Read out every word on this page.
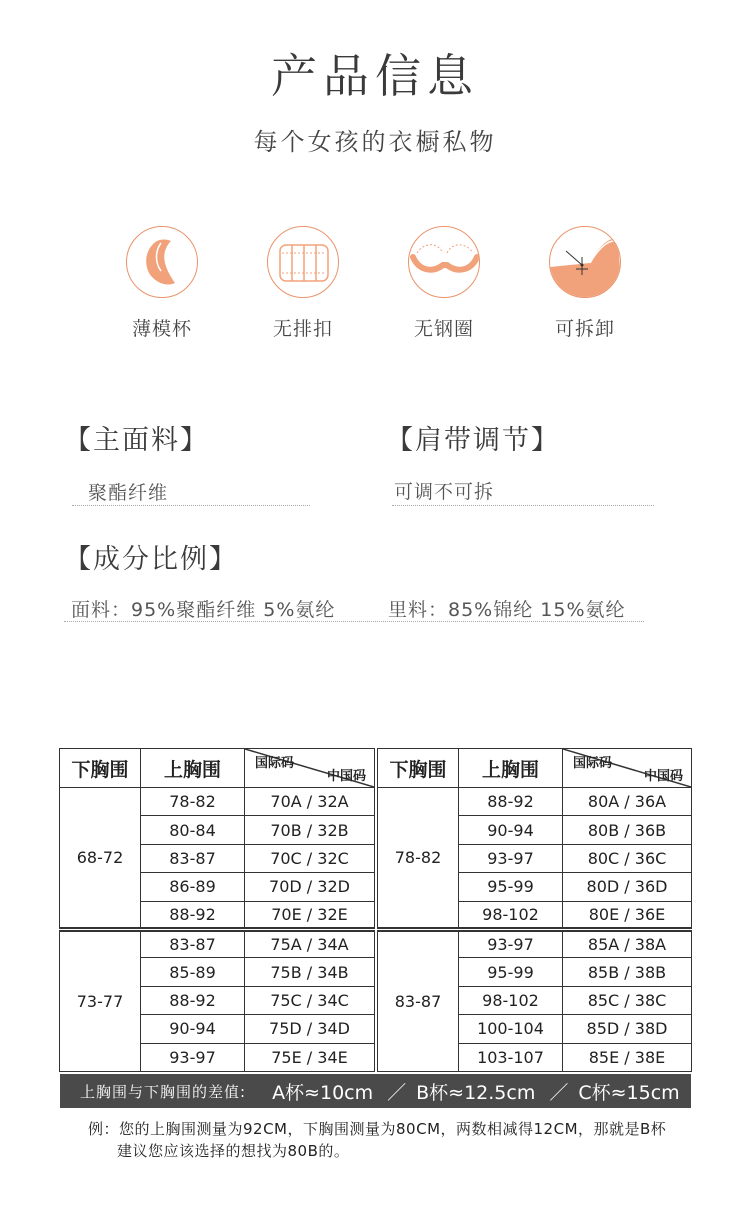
产品信息
每个女孩的衣橱私物
薄模杯	无排扣	无钢圈	可拆卸
【主面料】
聚酯纤维
【肩带调节】
可调不可拆
【成分比例】
面料：95%聚酯纤维 5%氨纶	里料：85%锦纶 15%氨纶
下胸围	上胸围	国际码
中国码

68-72	78-82	70A / 32A
	80-84	70B / 32B
	83-87	70C / 32C
	86-89	70D / 32D
	88-92	70E / 32E
73-77	83-87	75A / 34A
	85-89	75B / 34B
	88-92	75C / 34C
	90-94	75D / 34D
	93-97	75E / 34E
下胸围	上胸围	国际码
中国码

78-82	88-92	80A / 36A
	90-94	80B / 36B
	93-97	80C / 36C
	95-99	80D / 36D
	98-102	80E / 36E
83-87	93-97	85A / 38A
	95-99	85B / 38B
	98-102	85C / 38C
	100-104	85D / 38D
	103-107	85E / 38E
上胸围与下胸围的差值: A杯≈10cm ／ B杯≈12.5cm ／ C杯≈15cm
例：您的上胸围测量为92CM，下胸围测量为80CM，两数相减得12CM，那就是B杯
建议您应该选择的想找为80B的。
